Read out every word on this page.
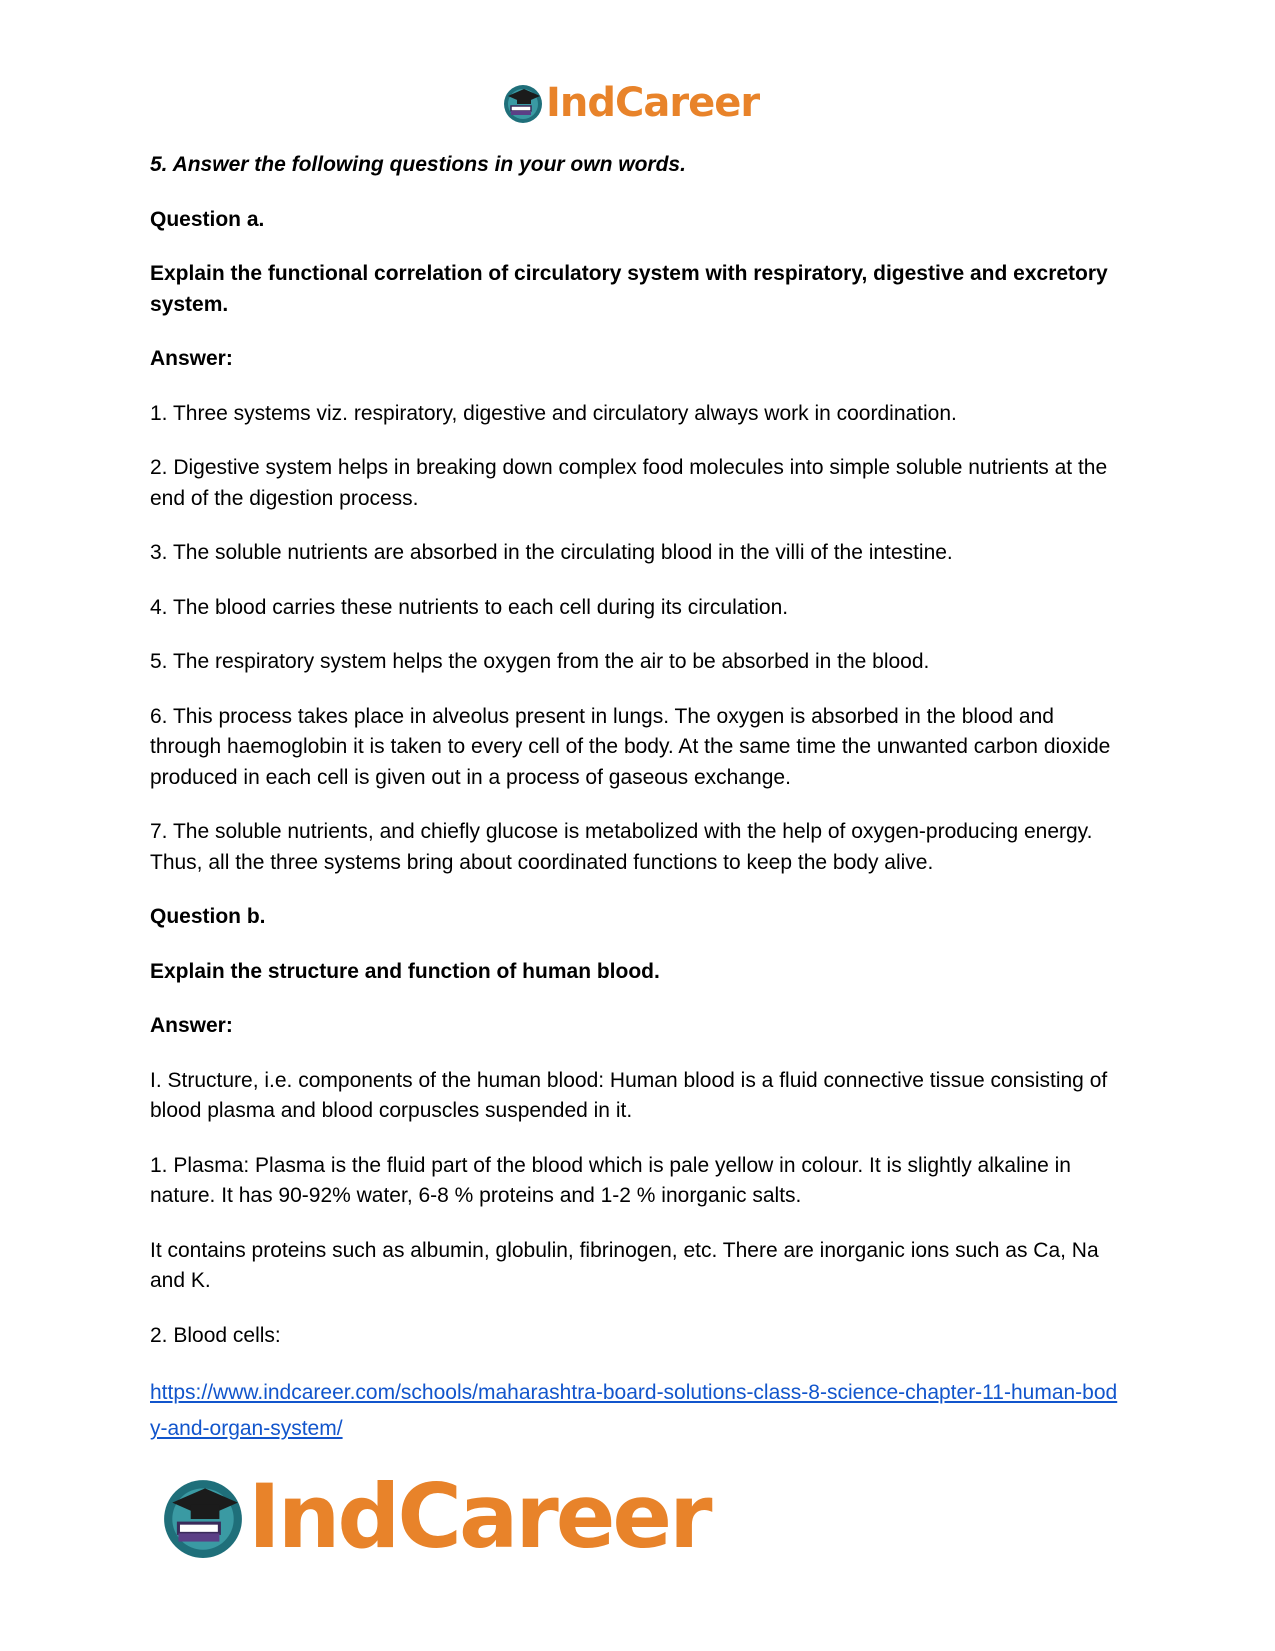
IndCareer

5. Answer the following questions in your own words.

Question a.

Explain the functional correlation of circulatory system with respiratory, digestive and excretory system.

Answer:

1. Three systems viz. respiratory, digestive and circulatory always work in coordination.

2. Digestive system helps in breaking down complex food molecules into simple soluble nutrients at the end of the digestion process.

3. The soluble nutrients are absorbed in the circulating blood in the villi of the intestine.

4. The blood carries these nutrients to each cell during its circulation.

5. The respiratory system helps the oxygen from the air to be absorbed in the blood.

6. This process takes place in alveolus present in lungs. The oxygen is absorbed in the blood and through haemoglobin it is taken to every cell of the body. At the same time the unwanted carbon dioxide produced in each cell is given out in a process of gaseous exchange.

7. The soluble nutrients, and chiefly glucose is metabolized with the help of oxygen-producing energy. Thus, all the three systems bring about coordinated functions to keep the body alive.

Question b.

Explain the structure and function of human blood.

Answer:

I. Structure, i.e. components of the human blood: Human blood is a fluid connective tissue consisting of blood plasma and blood corpuscles suspended in it.

1. Plasma: Plasma is the fluid part of the blood which is pale yellow in colour. It is slightly alkaline in nature. It has 90-92% water, 6-8 % proteins and 1-2 % inorganic salts.

It contains proteins such as albumin, globulin, fibrinogen, etc. There are inorganic ions such as Ca, Na and K.

2. Blood cells:

https://www.indcareer.com/schools/maharashtra-board-solutions-class-8-science-chapter-11-human-body-and-organ-system/
IndCareer
